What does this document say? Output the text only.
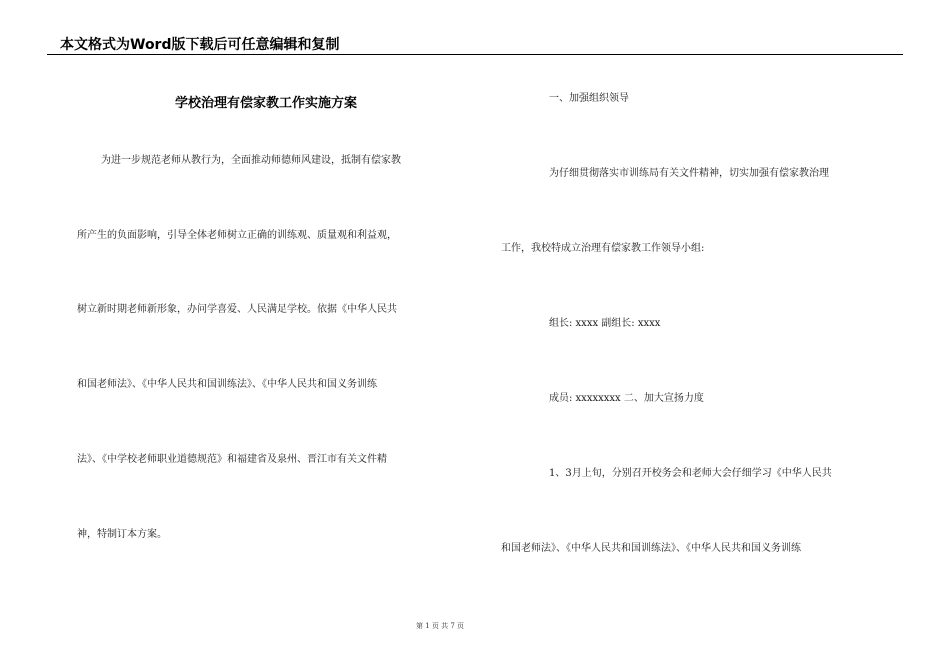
本文格式为Word版下载后可任意编辑和复制
学校治理有偿家教工作实施方案
为进一步规范老师从教行为，全面推动师德师风建设，抵制有偿家教
所产生的负面影响，引导全体老师树立正确的训练观、质量观和利益观，
树立新时期老师新形象，办问学喜爱、人民满足学校。依据《中华人民共
和国老师法》、《中华人民共和国训练法》、《中华人民共和国义务训练
法》、《中学校老师职业道德规范》和福建省及泉州、晋江市有关文件精
神，特制订本方案。
一、加强组织领导
为仔细贯彻落实市训练局有关文件精神，切实加强有偿家教治理
工作，我校特成立治理有偿家教工作领导小组:
组长: xxxx 副组长: xxxx
成员: xxxxxxxx 二、加大宣扬力度
1、3月上旬，分别召开校务会和老师大会仔细学习《中华人民共
和国老师法》、《中华人民共和国训练法》、《中华人民共和国义务训练
第 1 页 共 7 页
